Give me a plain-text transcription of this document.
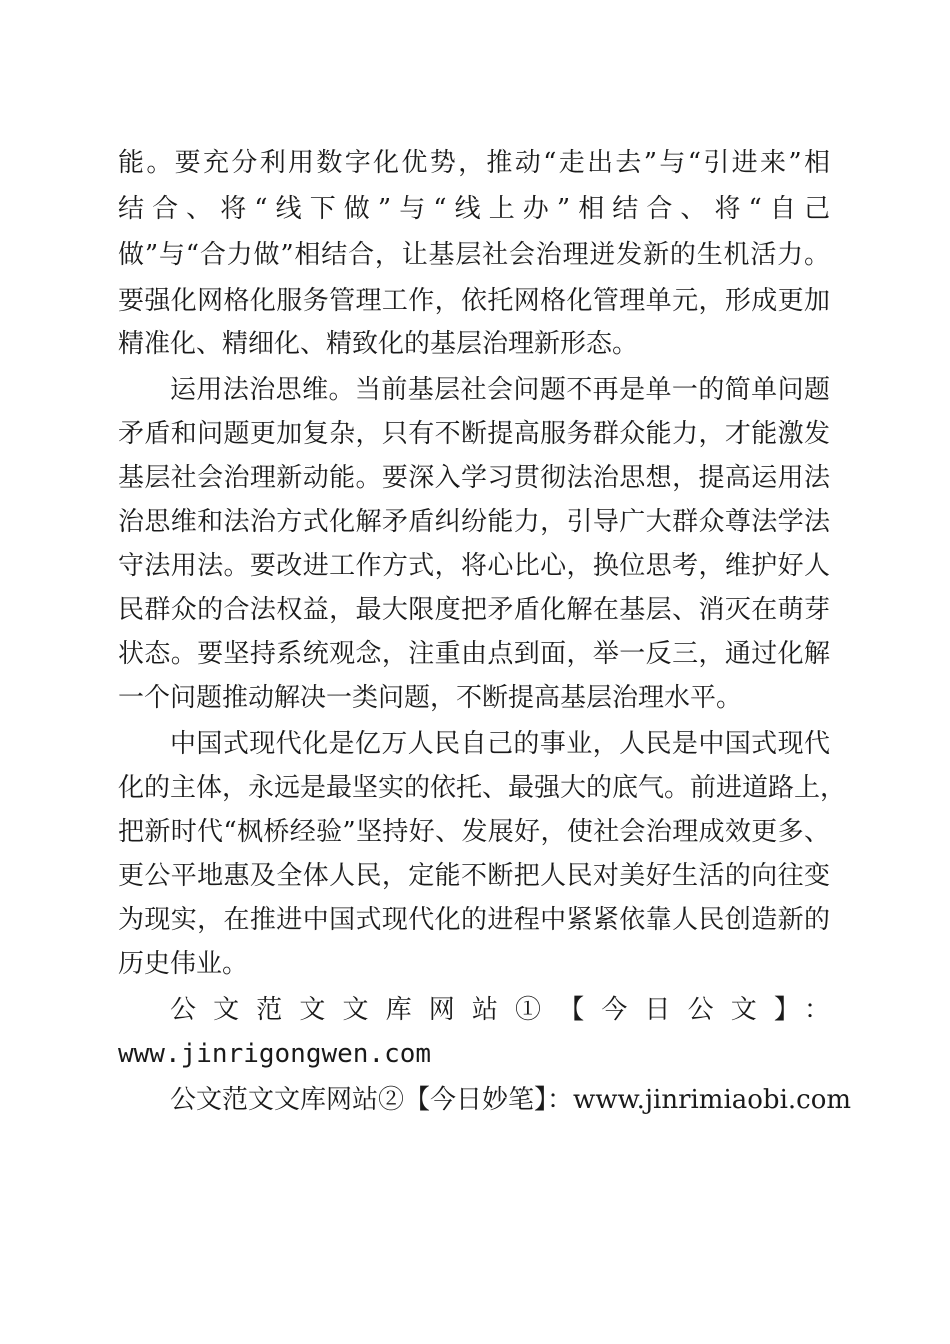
能。要充分利用数字化优势，推动“走出去”与“引进来”相
结合、将“线下做”与“线上办”相结合、将“自己
做”与“合力做”相结合，让基层社会治理迸发新的生机活力。
要强化网格化服务管理工作，依托网格化管理单元，形成更加
精准化、精细化、精致化的基层治理新形态。
运用法治思维。当前基层社会问题不再是单一的简单问题
矛盾和问题更加复杂，只有不断提高服务群众能力，才能激发
基层社会治理新动能。要深入学习贯彻法治思想，提高运用法
治思维和法治方式化解矛盾纠纷能力，引导广大群众尊法学法
守法用法。要改进工作方式，将心比心，换位思考，维护好人
民群众的合法权益，最大限度把矛盾化解在基层、消灭在萌芽
状态。要坚持系统观念，注重由点到面，举一反三，通过化解
一个问题推动解决一类问题，不断提高基层治理水平。
中国式现代化是亿万人民自己的事业，人民是中国式现代
化的主体，永远是最坚实的依托、最强大的底气。前进道路上，
把新时代“枫桥经验”坚持好、发展好，使社会治理成效更多、
更公平地惠及全体人民，定能不断把人民对美好生活的向往变
为现实，在推进中国式现代化的进程中紧紧依靠人民创造新的
历史伟业。
公文范文文库网站①【今日公文】：
www.jinrigongwen.com
公文范文文库网站②【今日妙笔】：www.jinrimiaobi.com
